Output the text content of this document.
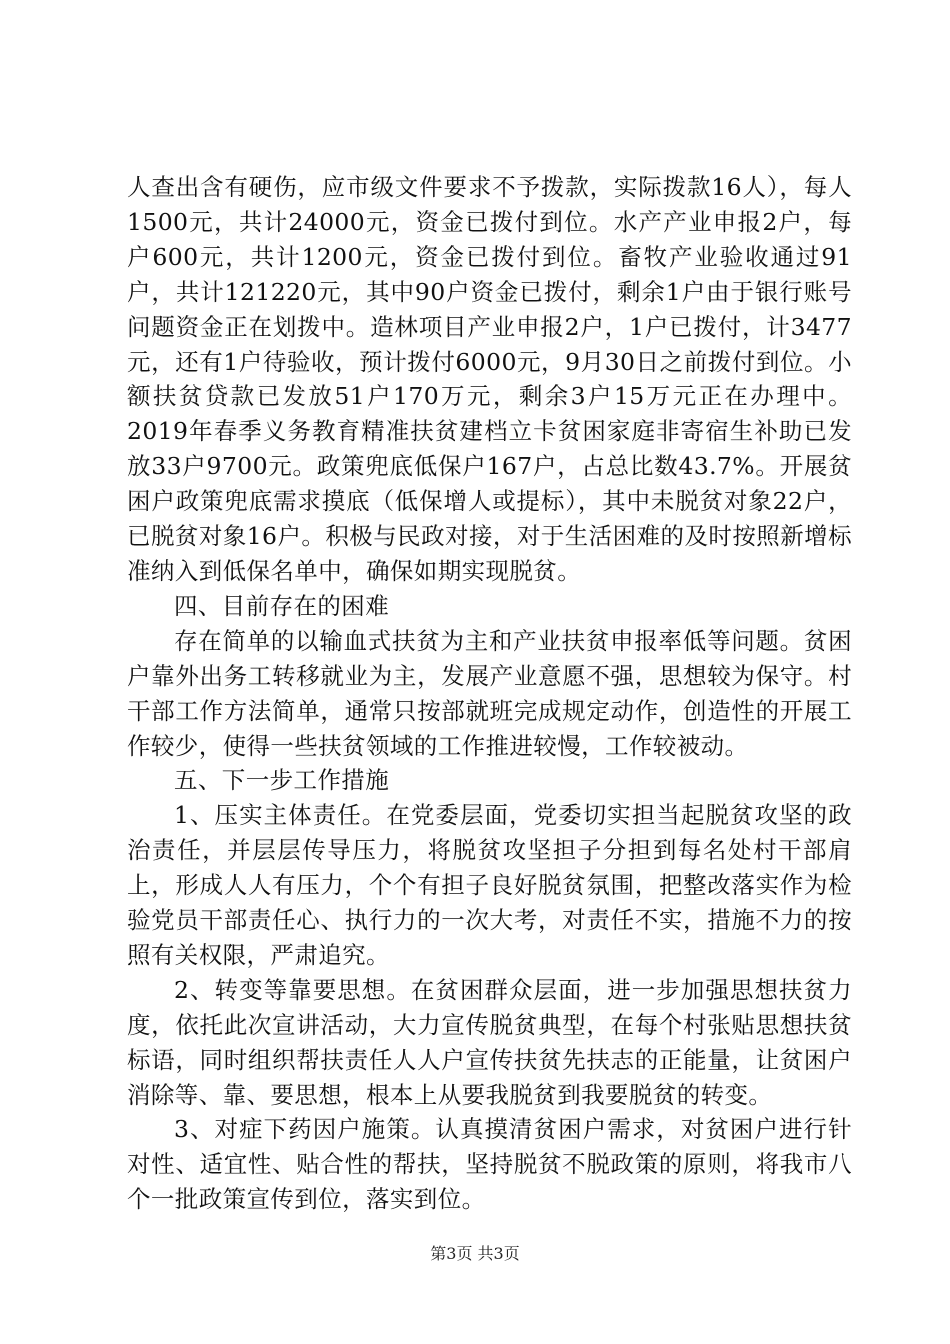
人查出含有硬伤，应市级文件要求不予拨款，实际拨款16人），每人1500元，共计24000元，资金已拨付到位。水产产业申报2户，每户600元，共计1200元，资金已拨付到位。畜牧产业验收通过91户，共计121220元，其中90户资金已拨付，剩余1户由于银行账号问题资金正在划拨中。造林项目产业申报2户，1户已拨付，计3477元，还有1户待验收，预计拨付6000元，9月30日之前拨付到位。小额扶贫贷款已发放51户170万元，剩余3户15万元正在办理中。2019年春季义务教育精准扶贫建档立卡贫困家庭非寄宿生补助已发放33户9700元。政策兜底低保户167户，占总比数43.7%。开展贫困户政策兜底需求摸底（低保增人或提标），其中未脱贫对象22户，已脱贫对象16户。积极与民政对接，对于生活困难的及时按照新增标准纳入到低保名单中，确保如期实现脱贫。

四、目前存在的困难

存在简单的以输血式扶贫为主和产业扶贫申报率低等问题。贫困户靠外出务工转移就业为主，发展产业意愿不强，思想较为保守。村干部工作方法简单，通常只按部就班完成规定动作，创造性的开展工作较少，使得一些扶贫领域的工作推进较慢，工作较被动。

五、下一步工作措施

1、压实主体责任。在党委层面，党委切实担当起脱贫攻坚的政治责任，并层层传导压力，将脱贫攻坚担子分担到每名处村干部肩上，形成人人有压力，个个有担子良好脱贫氛围，把整改落实作为检验党员干部责任心、执行力的一次大考，对责任不实，措施不力的按照有关权限，严肃追究。

2、转变等靠要思想。在贫困群众层面，进一步加强思想扶贫力度，依托此次宣讲活动，大力宣传脱贫典型，在每个村张贴思想扶贫标语，同时组织帮扶责任人人户宣传扶贫先扶志的正能量，让贫困户消除等、靠、要思想，根本上从要我脱贫到我要脱贫的转变。

3、对症下药因户施策。认真摸清贫困户需求，对贫困户进行针对性、适宜性、贴合性的帮扶，坚持脱贫不脱政策的原则，将我市八个一批政策宣传到位，落实到位。

第3页 共3页
